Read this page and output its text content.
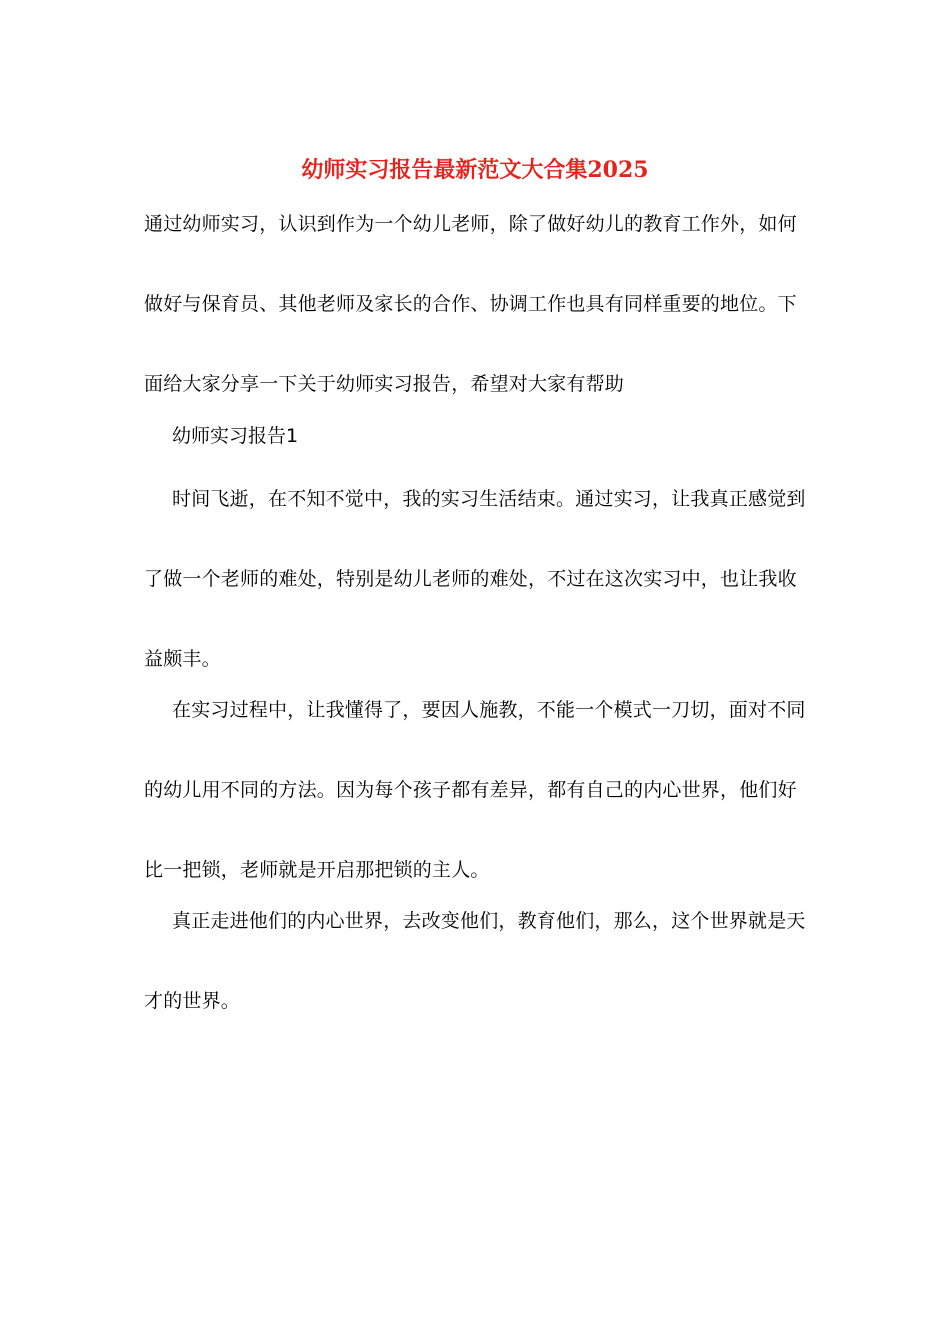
幼师实习报告最新范文大合集2025
通过幼师实习，认识到作为一个幼儿老师，除了做好幼儿的教育工作外，如何
做好与保育员、其他老师及家长的合作、协调工作也具有同样重要的地位。下
面给大家分享一下关于幼师实习报告，希望对大家有帮助
幼师实习报告1
时间飞逝，在不知不觉中，我的实习生活结束。通过实习，让我真正感觉到
了做一个老师的难处，特别是幼儿老师的难处，不过在这次实习中，也让我收
益颇丰。
在实习过程中，让我懂得了，要因人施教，不能一个模式一刀切，面对不同
的幼儿用不同的方法。因为每个孩子都有差异，都有自己的内心世界，他们好
比一把锁，老师就是开启那把锁的主人。
真正走进他们的内心世界，去改变他们，教育他们，那么，这个世界就是天
才的世界。
